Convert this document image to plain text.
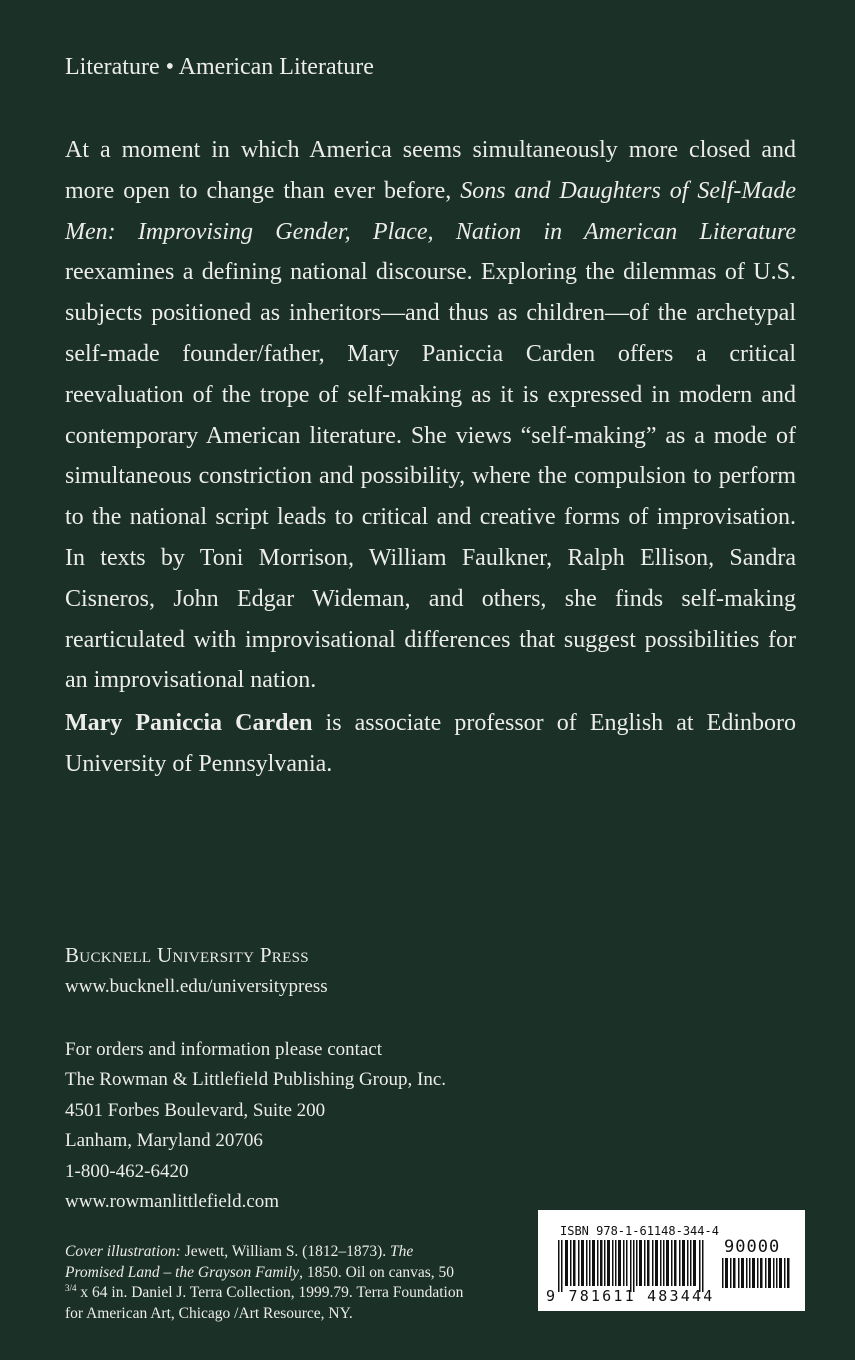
Literature • American Literature

At a moment in which America seems simultaneously more closed and more open to change than ever before, Sons and Daughters of Self-Made Men: Improvising Gender, Place, Nation in American Literature reexamines a defining national discourse. Exploring the dilemmas of U.S. subjects positioned as inheritors—and thus as children—of the archetypal self-made founder/father, Mary Paniccia Carden offers a critical reevaluation of the trope of self-making as it is expressed in modern and contemporary American literature. She views “self-making” as a mode of simultaneous constriction and possibility, where the compulsion to perform to the national script leads to critical and creative forms of improvisation. In texts by Toni Morrison, William Faulkner, Ralph Ellison, Sandra Cisneros, John Edgar Wideman, and others, she finds self-making rearticulated with improvisational differences that suggest possibilities for an improvisational nation.

Mary Paniccia Carden is associate professor of English at Edinboro University of Pennsylvania.

Bucknell University Press
www.bucknell.edu/universitypress
For orders and information please contact
The Rowman & Littlefield Publishing Group, Inc.
4501 Forbes Boulevard, Suite 200
Lanham, Maryland 20706
1-800-462-6420
www.rowmanlittlefield.com

Cover illustration: Jewett, William S. (1812–1873). The Promised Land – the Grayson Family, 1850. Oil on canvas, 50 $^{3/4}$ x 64 in. Daniel J. Terra Collection, 1999.79. Terra Foundation for American Art, Chicago /Art Resource, NY.

ISBN 978-1-61148-344-4
90000
9 781611 483444
